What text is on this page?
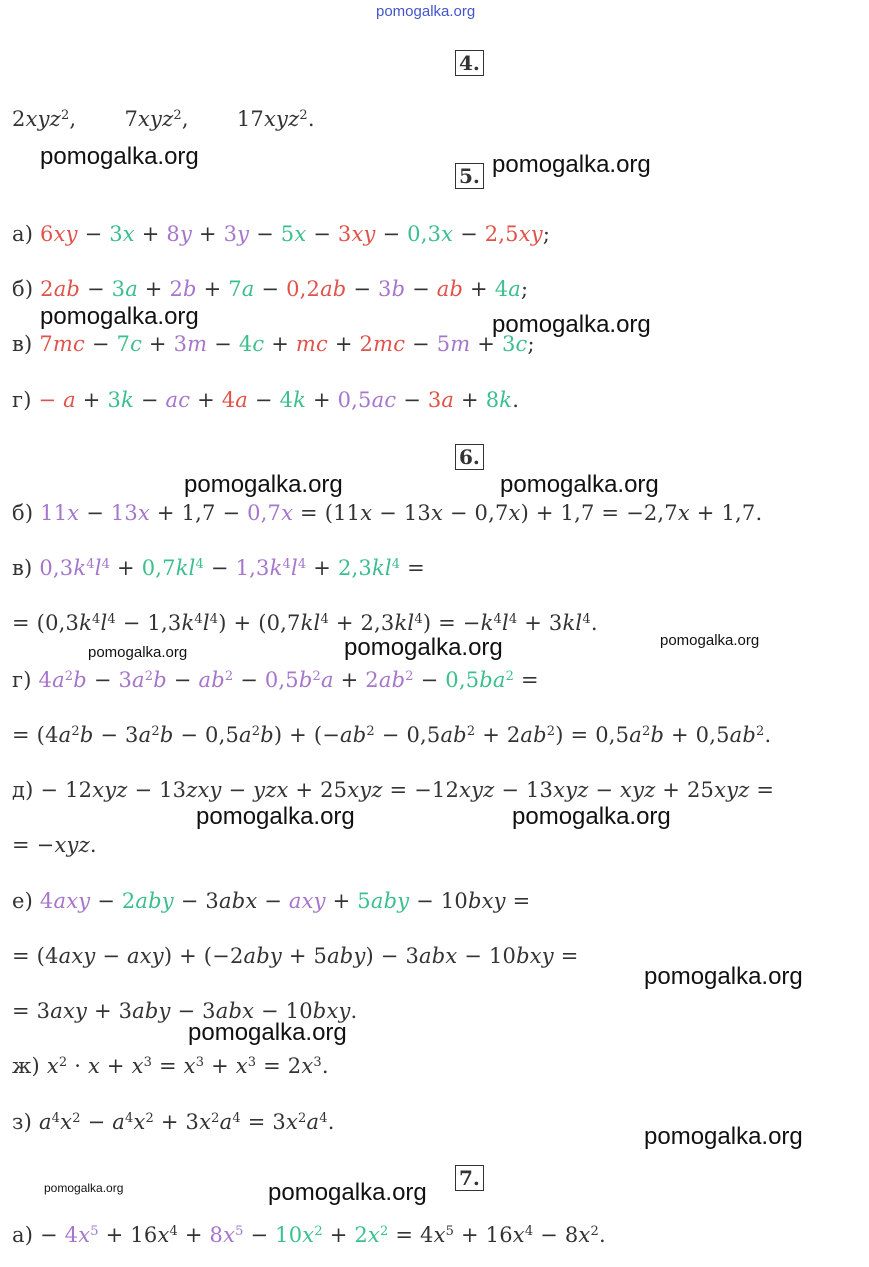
pomogalka.org
pomogalka.org	pomogalka.org
pomogalka.org	pomogalka.org
pomogalka.org	pomogalka.org
pomogalka.org	pomogalka.org	pomogalka.org
pomogalka.org	pomogalka.org
pomogalka.org
pomogalka.org
pomogalka.org
pomogalka.org	pomogalka.org
4.
5.
6.
7.
2xyz$^2$,       7xyz$^2$,       17xyz$^2$.
а) 6xy − 3x + 8y + 3y − 5x − 3xy − 0,3x − 2,5xy;
б) 2ab − 3a + 2b + 7a − 0,2ab − 3b − ab + 4a;
в) 7mc − 7c + 3m − 4c + mc + 2mc − 5m + 3c;
г) − a + 3k − ac + 4a − 4k + 0,5ac − 3a + 8k.
б) 11x − 13x + 1,7 − 0,7x = (11x − 13x − 0,7x) + 1,7 = −2,7x + 1,7.
в) $0,3k^4l^4 + 0,7kl^4 - 1,3k^4l^4 + 2,3kl^4$ =
= $(0,3k^4l^4 - 1,3k^4l^4) + (0,7kl^4 + 2,3kl^4) = -k^4l^4 + 3kl^4$.
г) $4a^2b - 3a^2b - ab^2 - 0,5b^2a + 2ab^2 - 0,5ba^2$ =
= $(4a^2b - 3a^2b - 0,5a^2b) + (-ab^2 - 0,5ab^2 + 2ab^2) = 0,5a^2b + 0,5ab^2$.
д) − 12xyz − 13zxy − yzx + 25xyz = −12xyz − 13xyz − xyz + 25xyz =
= −xyz.
е) 4axy − 2aby − 3abx − axy + 5aby − 10bxy =
= (4axy − axy) + (−2aby + 5aby) − 3abx − 10bxy =
= 3axy + 3aby − 3abx − 10bxy.
ж) $x^2 \cdot x + x^3 = x^3 + x^3 = 2x^3$.
з) $a^4x^2 - a^4x^2 + 3x^2a^4 = 3x^2a^4$.
$а) - 4x^5 + 16x^4 + 8x^5 - 10x^2 + 2x^2 = 4x^5 + 16x^4 - 8x^2$.
